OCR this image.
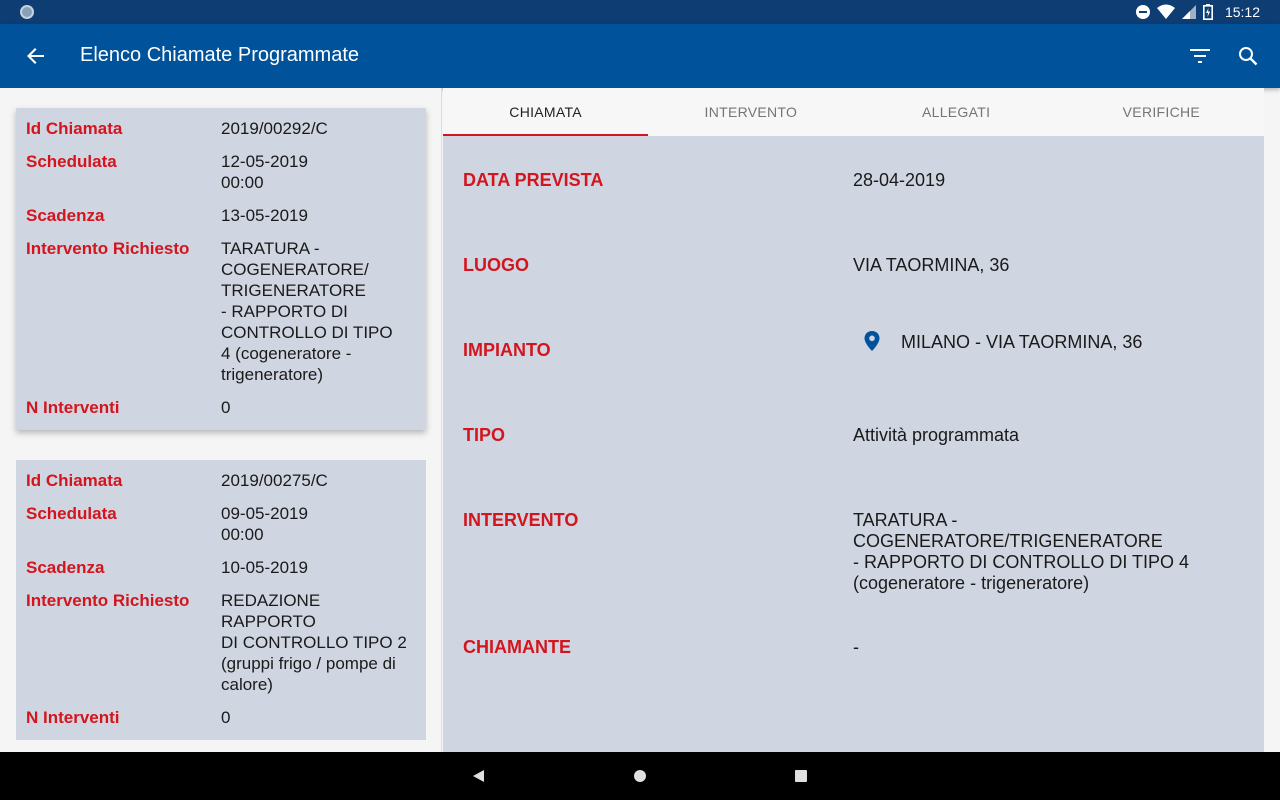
15:12
Elenco Chiamate Programmate
Id Chiamata	2019/00292/C
Schedulata	12-05-2019
00:00
Scadenza	13-05-2019
Intervento Richiesto	TARATURA -
COGENERATORE/
TRIGENERATORE
- RAPPORTO DI
CONTROLLO DI TIPO
4 (cogeneratore -
trigeneratore)
N Interventi	0
Id Chiamata	2019/00275/C
Schedulata	09-05-2019
00:00
Scadenza	10-05-2019
Intervento Richiesto	REDAZIONE RAPPORTO
DI CONTROLLO TIPO 2
(gruppi frigo / pompe di
calore)
N Interventi	0
CHIAMATA	INTERVENTO	ALLEGATI	VERIFICHE
DATA PREVISTA	28-04-2019
LUOGO	VIA TAORMINA, 36
IMPIANTO	MILANO - VIA TAORMINA, 36
TIPO	Attività programmata
INTERVENTO	TARATURA - COGENERATORE/TRIGENERATORE
- RAPPORTO DI CONTROLLO DI TIPO 4
(cogeneratore - trigeneratore)
CHIAMANTE	-
